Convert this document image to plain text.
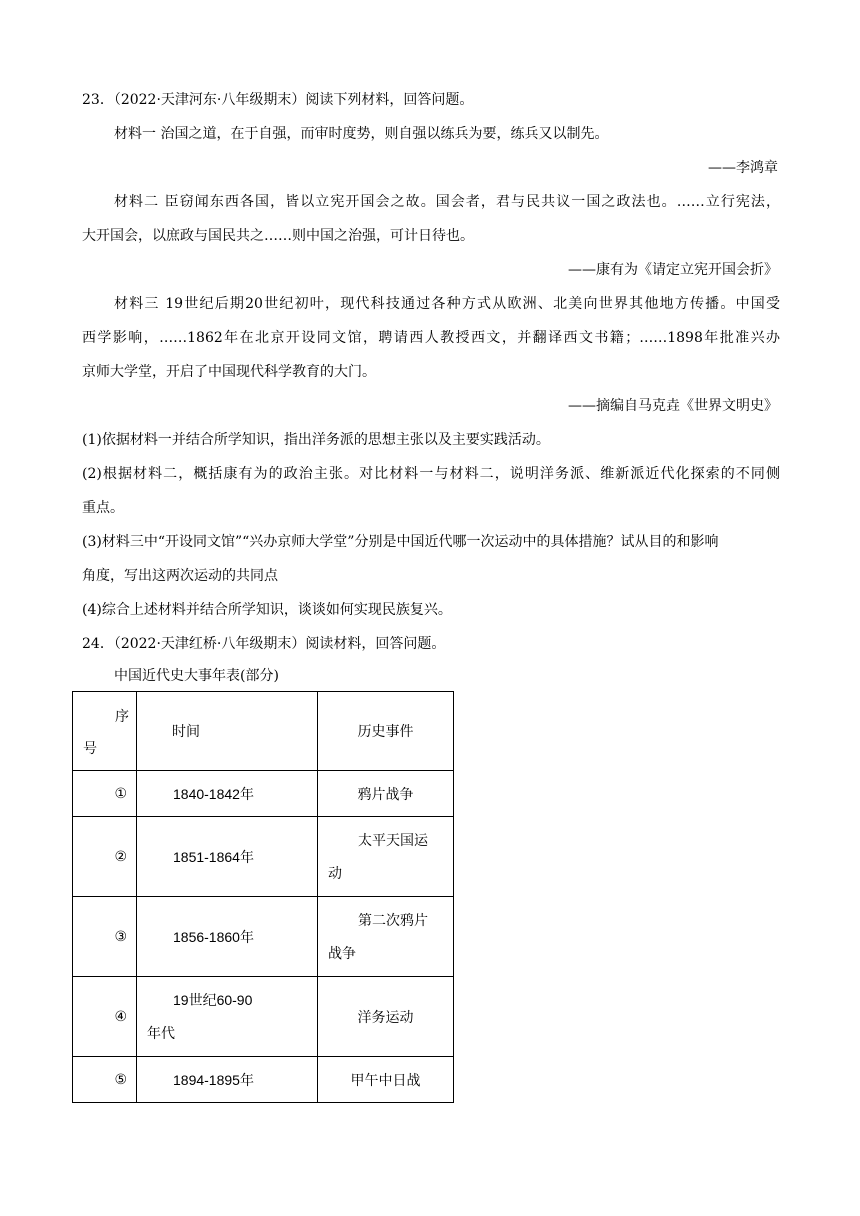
23．（2022·天津河东·八年级期末）阅读下列材料，回答问题。
材料一 治国之道，在于自强，而审时度势，则自强以练兵为要，练兵又以制先。
——李鸿章
材料二 臣窃闻东西各国，皆以立宪开国会之故。国会者，君与民共议一国之政法也。……立行宪法，
大开国会，以庶政与国民共之……则中国之治强，可计日待也。
——康有为《请定立宪开国会折》
材料三 19世纪后期20世纪初叶，现代科技通过各种方式从欧洲、北美向世界其他地方传播。中国受
西学影响，……1862年在北京开设同文馆，聘请西人教授西文，并翻译西文书籍；……1898年批准兴办
京师大学堂，开启了中国现代科学教育的大门。
——摘编自马克垚《世界文明史》
(1)依据材料一并结合所学知识，指出洋务派的思想主张以及主要实践活动。
(2)根据材料二，概括康有为的政治主张。对比材料一与材料二，说明洋务派、维新派近代化探索的不同侧
重点。
(3)材料三中“开设同文馆”“兴办京师大学堂”分别是中国近代哪一次运动中的具体措施？试从目的和影响
角度，写出这两次运动的共同点
(4)综合上述材料并结合所学知识，谈谈如何实现民族复兴。
24．（2022·天津红桥·八年级期末）阅读材料，回答问题。
中国近代史大事年表(部分)
序
号	时间	历史事件
①	1840-1842年	鸦片战争
②	1851-1864年	太平天国运
动

③	1856-1860年	第二次鸦片
战争

④	19世纪60-90
年代	洋务运动
⑤	1894-1895年	甲午中日战
